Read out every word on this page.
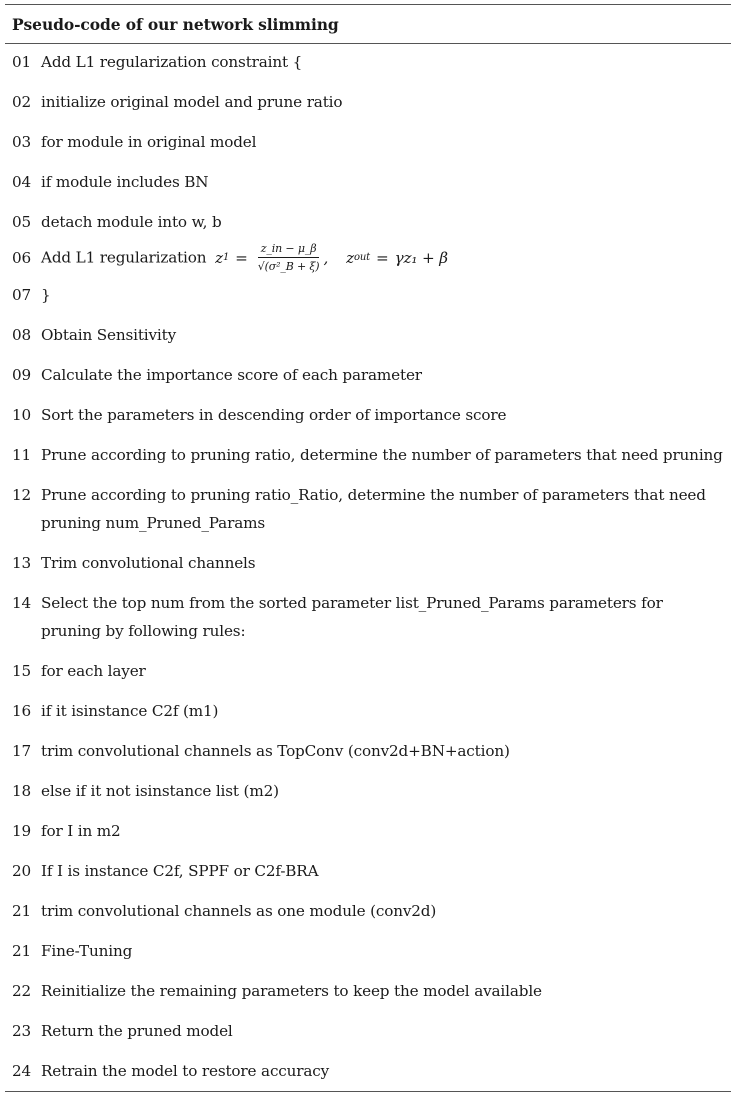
Pseudo-code of our network slimming
01 Add L1 regularization constraint {
02 initialize original model and prune ratio
03 for module in original model
04 if module includes BN
05 detach module into w, b
06 Add L1 regularization z $1 = \frac{z\_in - \mu\_\beta}{\text{√(σ²\_B + ξ)}}$ , z out = γz₁ + β
07 }
08 Obtain Sensitivity
09 Calculate the importance score of each parameter
10 Sort the parameters in descending order of importance score
11 Prune according to pruning ratio, determine the number of parameters that need pruning
12 Prune according to pruning ratio_Ratio, determine the number of parameters that need pruning num_Pruned_Params
13 Trim convolutional channels
14 Select the top num from the sorted parameter list_Pruned_Params parameters for pruning by following rules:
15 for each layer
16 if it isinstance C2f (m1)
17 trim convolutional channels as TopConv (conv2d+BN+action)
18 else if it not isinstance list (m2)
19 for I in m2
20 If I is instance C2f, SPPF or C2f-BRA
21 trim convolutional channels as one module (conv2d)
21 Fine-Tuning
22 Reinitialize the remaining parameters to keep the model available
23 Return the pruned model
24 Retrain the model to restore accuracy
